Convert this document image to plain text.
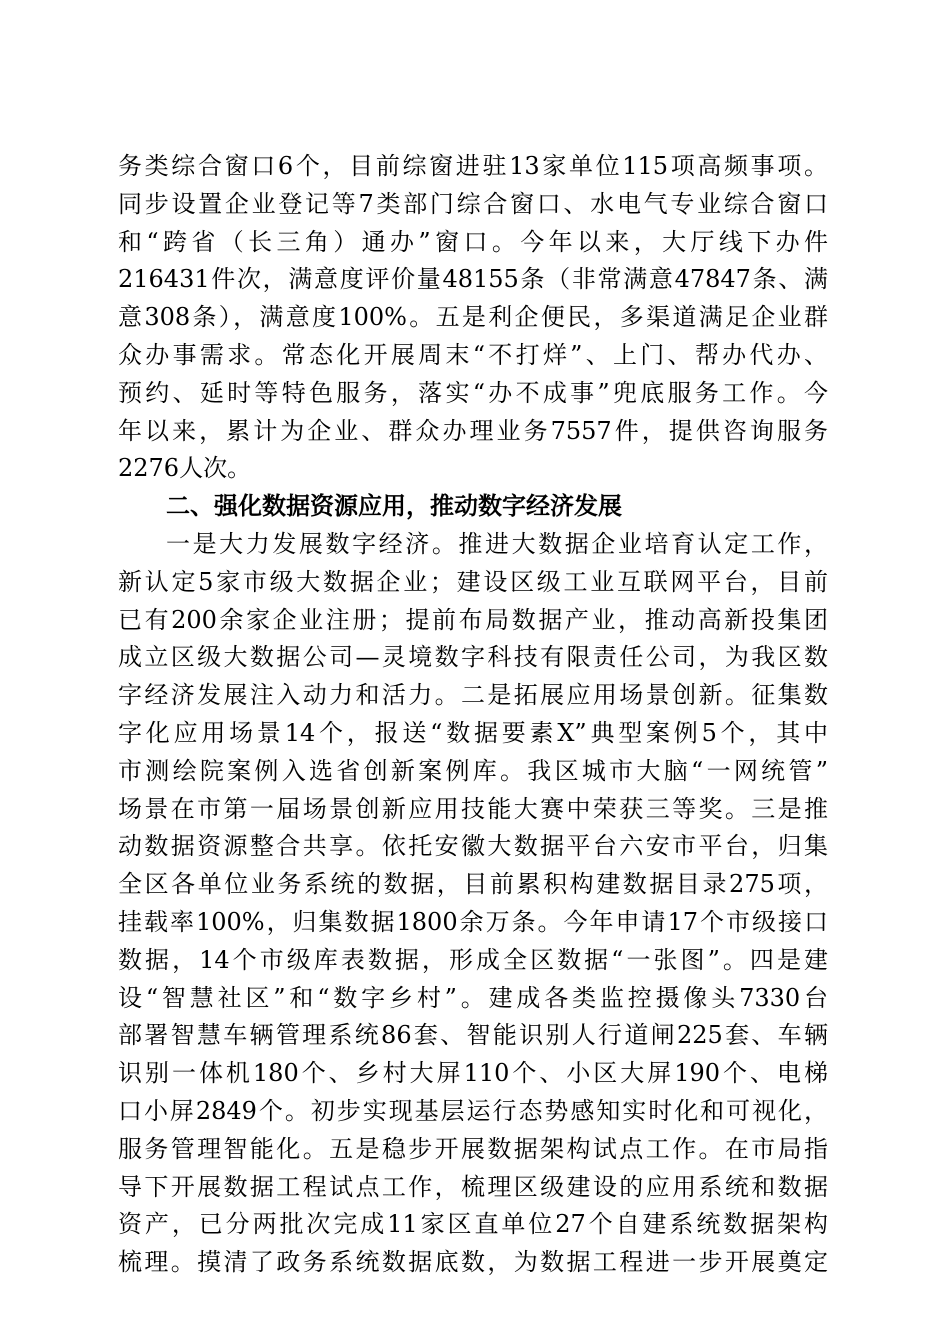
务类综合窗口6个，目前综窗进驻13家单位115项高频事项。
同步设置企业登记等7类部门综合窗口、水电气专业综合窗口
和“跨省（长三角）通办”窗口。今年以来，大厅线下办件
216431件次，满意度评价量48155条（非常满意47847条、满
意308条），满意度100%。五是利企便民，多渠道满足企业群
众办事需求。常态化开展周末“不打烊”、上门、帮办代办、
预约、延时等特色服务，落实“办不成事”兜底服务工作。今
年以来，累计为企业、群众办理业务7557件，提供咨询服务
2276人次。
二、强化数据资源应用，推动数字经济发展
一是大力发展数字经济。推进大数据企业培育认定工作，
新认定5家市级大数据企业；建设区级工业互联网平台，目前
已有200余家企业注册；提前布局数据产业，推动高新投集团
成立区级大数据公司—灵境数字科技有限责任公司，为我区数
字经济发展注入动力和活力。二是拓展应用场景创新。征集数
字化应用场景14个，报送“数据要素X”典型案例5个，其中
市测绘院案例入选省创新案例库。我区城市大脑“一网统管”
场景在市第一届场景创新应用技能大赛中荣获三等奖。三是推
动数据资源整合共享。依托安徽大数据平台六安市平台，归集
全区各单位业务系统的数据，目前累积构建数据目录275项，
挂载率100%，归集数据1800余万条。今年申请17个市级接口
数据，14个市级库表数据，形成全区数据“一张图”。四是建
设“智慧社区”和“数字乡村”。建成各类监控摄像头7330台
部署智慧车辆管理系统86套、智能识别人行道闸225套、车辆
识别一体机180个、乡村大屏110个、小区大屏190个、电梯
口小屏2849个。初步实现基层运行态势感知实时化和可视化，
服务管理智能化。五是稳步开展数据架构试点工作。在市局指
导下开展数据工程试点工作，梳理区级建设的应用系统和数据
资产，已分两批次完成11家区直单位27个自建系统数据架构
梳理。摸清了政务系统数据底数，为数据工程进一步开展奠定
